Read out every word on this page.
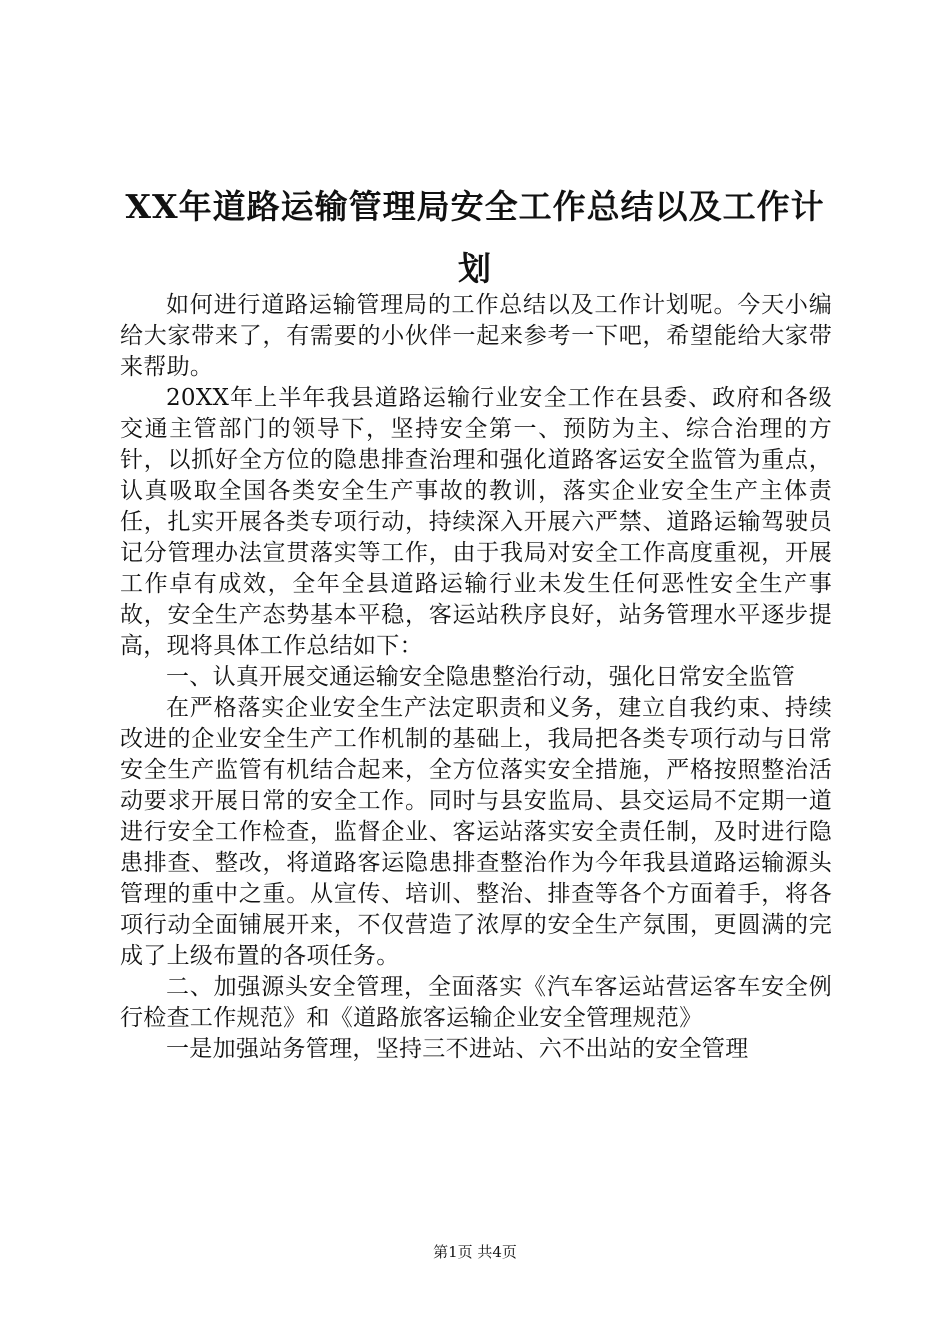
XX年道路运输管理局安全工作总结以及工作计划

如何进行道路运输管理局的工作总结以及工作计划呢。今天小编给大家带来了，有需要的小伙伴一起来参考一下吧，希望能给大家带来帮助。

20XX年上半年我县道路运输行业安全工作在县委、政府和各级交通主管部门的领导下，坚持安全第一、预防为主、综合治理的方针，以抓好全方位的隐患排查治理和强化道路客运安全监管为重点，认真吸取全国各类安全生产事故的教训，落实企业安全生产主体责任，扎实开展各类专项行动，持续深入开展六严禁、道路运输驾驶员记分管理办法宣贯落实等工作，由于我局对安全工作高度重视，开展工作卓有成效，全年全县道路运输行业未发生任何恶性安全生产事故，安全生产态势基本平稳，客运站秩序良好，站务管理水平逐步提高，现将具体工作总结如下：

一、认真开展交通运输安全隐患整治行动，强化日常安全监管

在严格落实企业安全生产法定职责和义务，建立自我约束、持续改进的企业安全生产工作机制的基础上，我局把各类专项行动与日常安全生产监管有机结合起来，全方位落实安全措施，严格按照整治活动要求开展日常的安全工作。同时与县安监局、县交运局不定期一道进行安全工作检查，监督企业、客运站落实安全责任制，及时进行隐患排查、整改，将道路客运隐患排查整治作为今年我县道路运输源头管理的重中之重。从宣传、培训、整治、排查等各个方面着手，将各项行动全面铺展开来，不仅营造了浓厚的安全生产氛围，更圆满的完成了上级布置的各项任务。

二、加强源头安全管理，全面落实《汽车客运站营运客车安全例行检查工作规范》和《道路旅客运输企业安全管理规范》

一是加强站务管理，坚持三不进站、六不出站的安全管理

第1页 共4页
